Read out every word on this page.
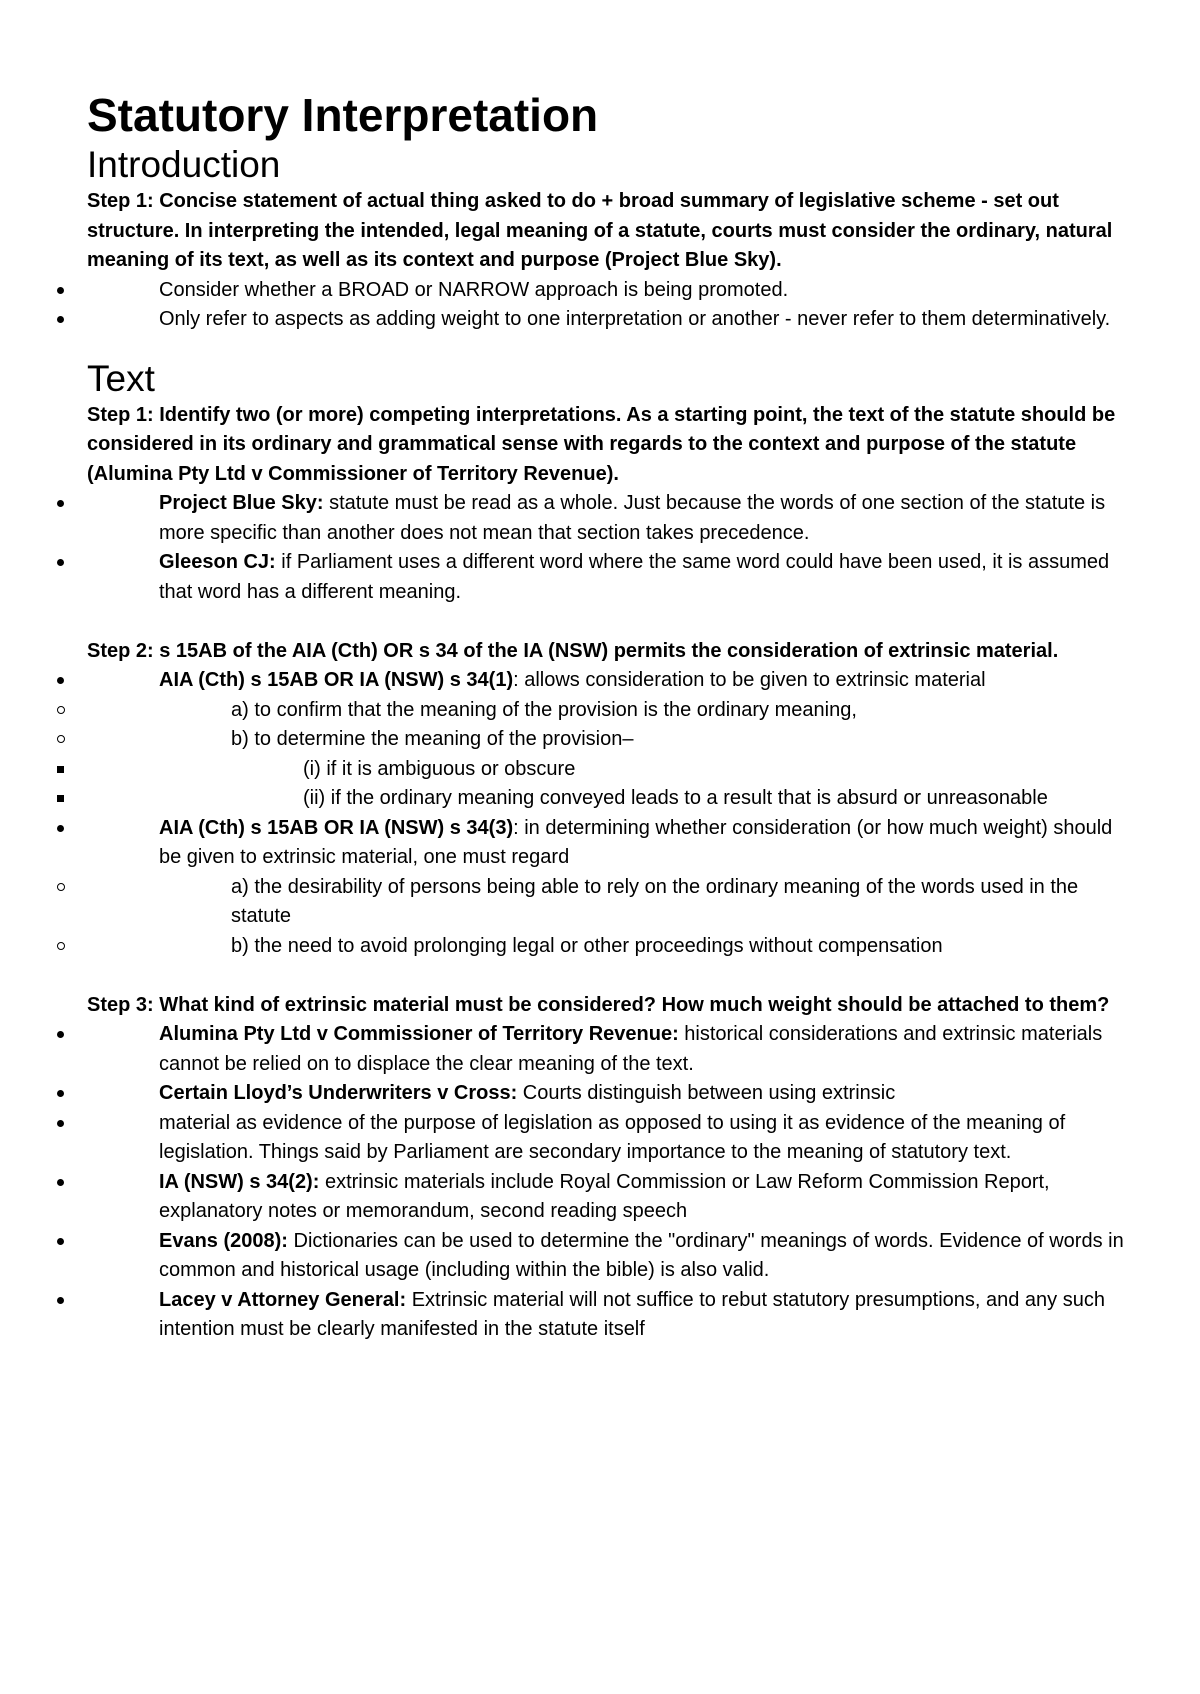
Statutory Interpretation
Introduction

Step 1: Concise statement of actual thing asked to do + broad summary of legislative scheme - set out structure. In interpreting the intended, legal meaning of a statute, courts must consider the ordinary, natural meaning of its text, as well as its context and purpose (Project Blue Sky).

Consider whether a BROAD or NARROW approach is being promoted.
Only refer to aspects as adding weight to one interpretation or another - never refer to them determinatively.
Text

Step 1: Identify two (or more) competing interpretations. As a starting point, the text of the statute should be considered in its ordinary and grammatical sense with regards to the context and purpose of the statute (Alumina Pty Ltd v Commissioner of Territory Revenue).

Project Blue Sky: statute must be read as a whole. Just because the words of one section of the statute is more specific than another does not mean that section takes precedence.
Gleeson CJ: if Parliament uses a different word where the same word could have been used, it is assumed that word has a different meaning.

Step 2: s 15AB of the AIA (Cth) OR s 34 of the IA (NSW) permits the consideration of extrinsic material.

AIA (Cth) s 15AB OR IA (NSW) s 34(1): allows consideration to be given to extrinsic material
a) to confirm that the meaning of the provision is the ordinary meaning,
b) to determine the meaning of the provision–
(i) if it is ambiguous or obscure
(ii) if the ordinary meaning conveyed leads to a result that is absurd or unreasonable
AIA (Cth) s 15AB OR IA (NSW) s 34(3): in determining whether consideration (or how much weight) should be given to extrinsic material, one must regard
a) the desirability of persons being able to rely on the ordinary meaning of the words used in the statute
b) the need to avoid prolonging legal or other proceedings without compensation

Step 3: What kind of extrinsic material must be considered? How much weight should be attached to them?

Alumina Pty Ltd v Commissioner of Territory Revenue: historical considerations and extrinsic materials cannot be relied on to displace the clear meaning of the text.
Certain Lloyd’s Underwriters v Cross: Courts distinguish between using extrinsic
material as evidence of the purpose of legislation as opposed to using it as evidence of the meaning of legislation. Things said by Parliament are secondary importance to the meaning of statutory text.
IA (NSW) s 34(2): extrinsic materials include Royal Commission or Law Reform Commission Report, explanatory notes or memorandum, second reading speech
Evans (2008): Dictionaries can be used to determine the "ordinary" meanings of words. Evidence of words in common and historical usage (including within the bible) is also valid.
Lacey v Attorney General: Extrinsic material will not suffice to rebut statutory presumptions, and any such intention must be clearly manifested in the statute itself
